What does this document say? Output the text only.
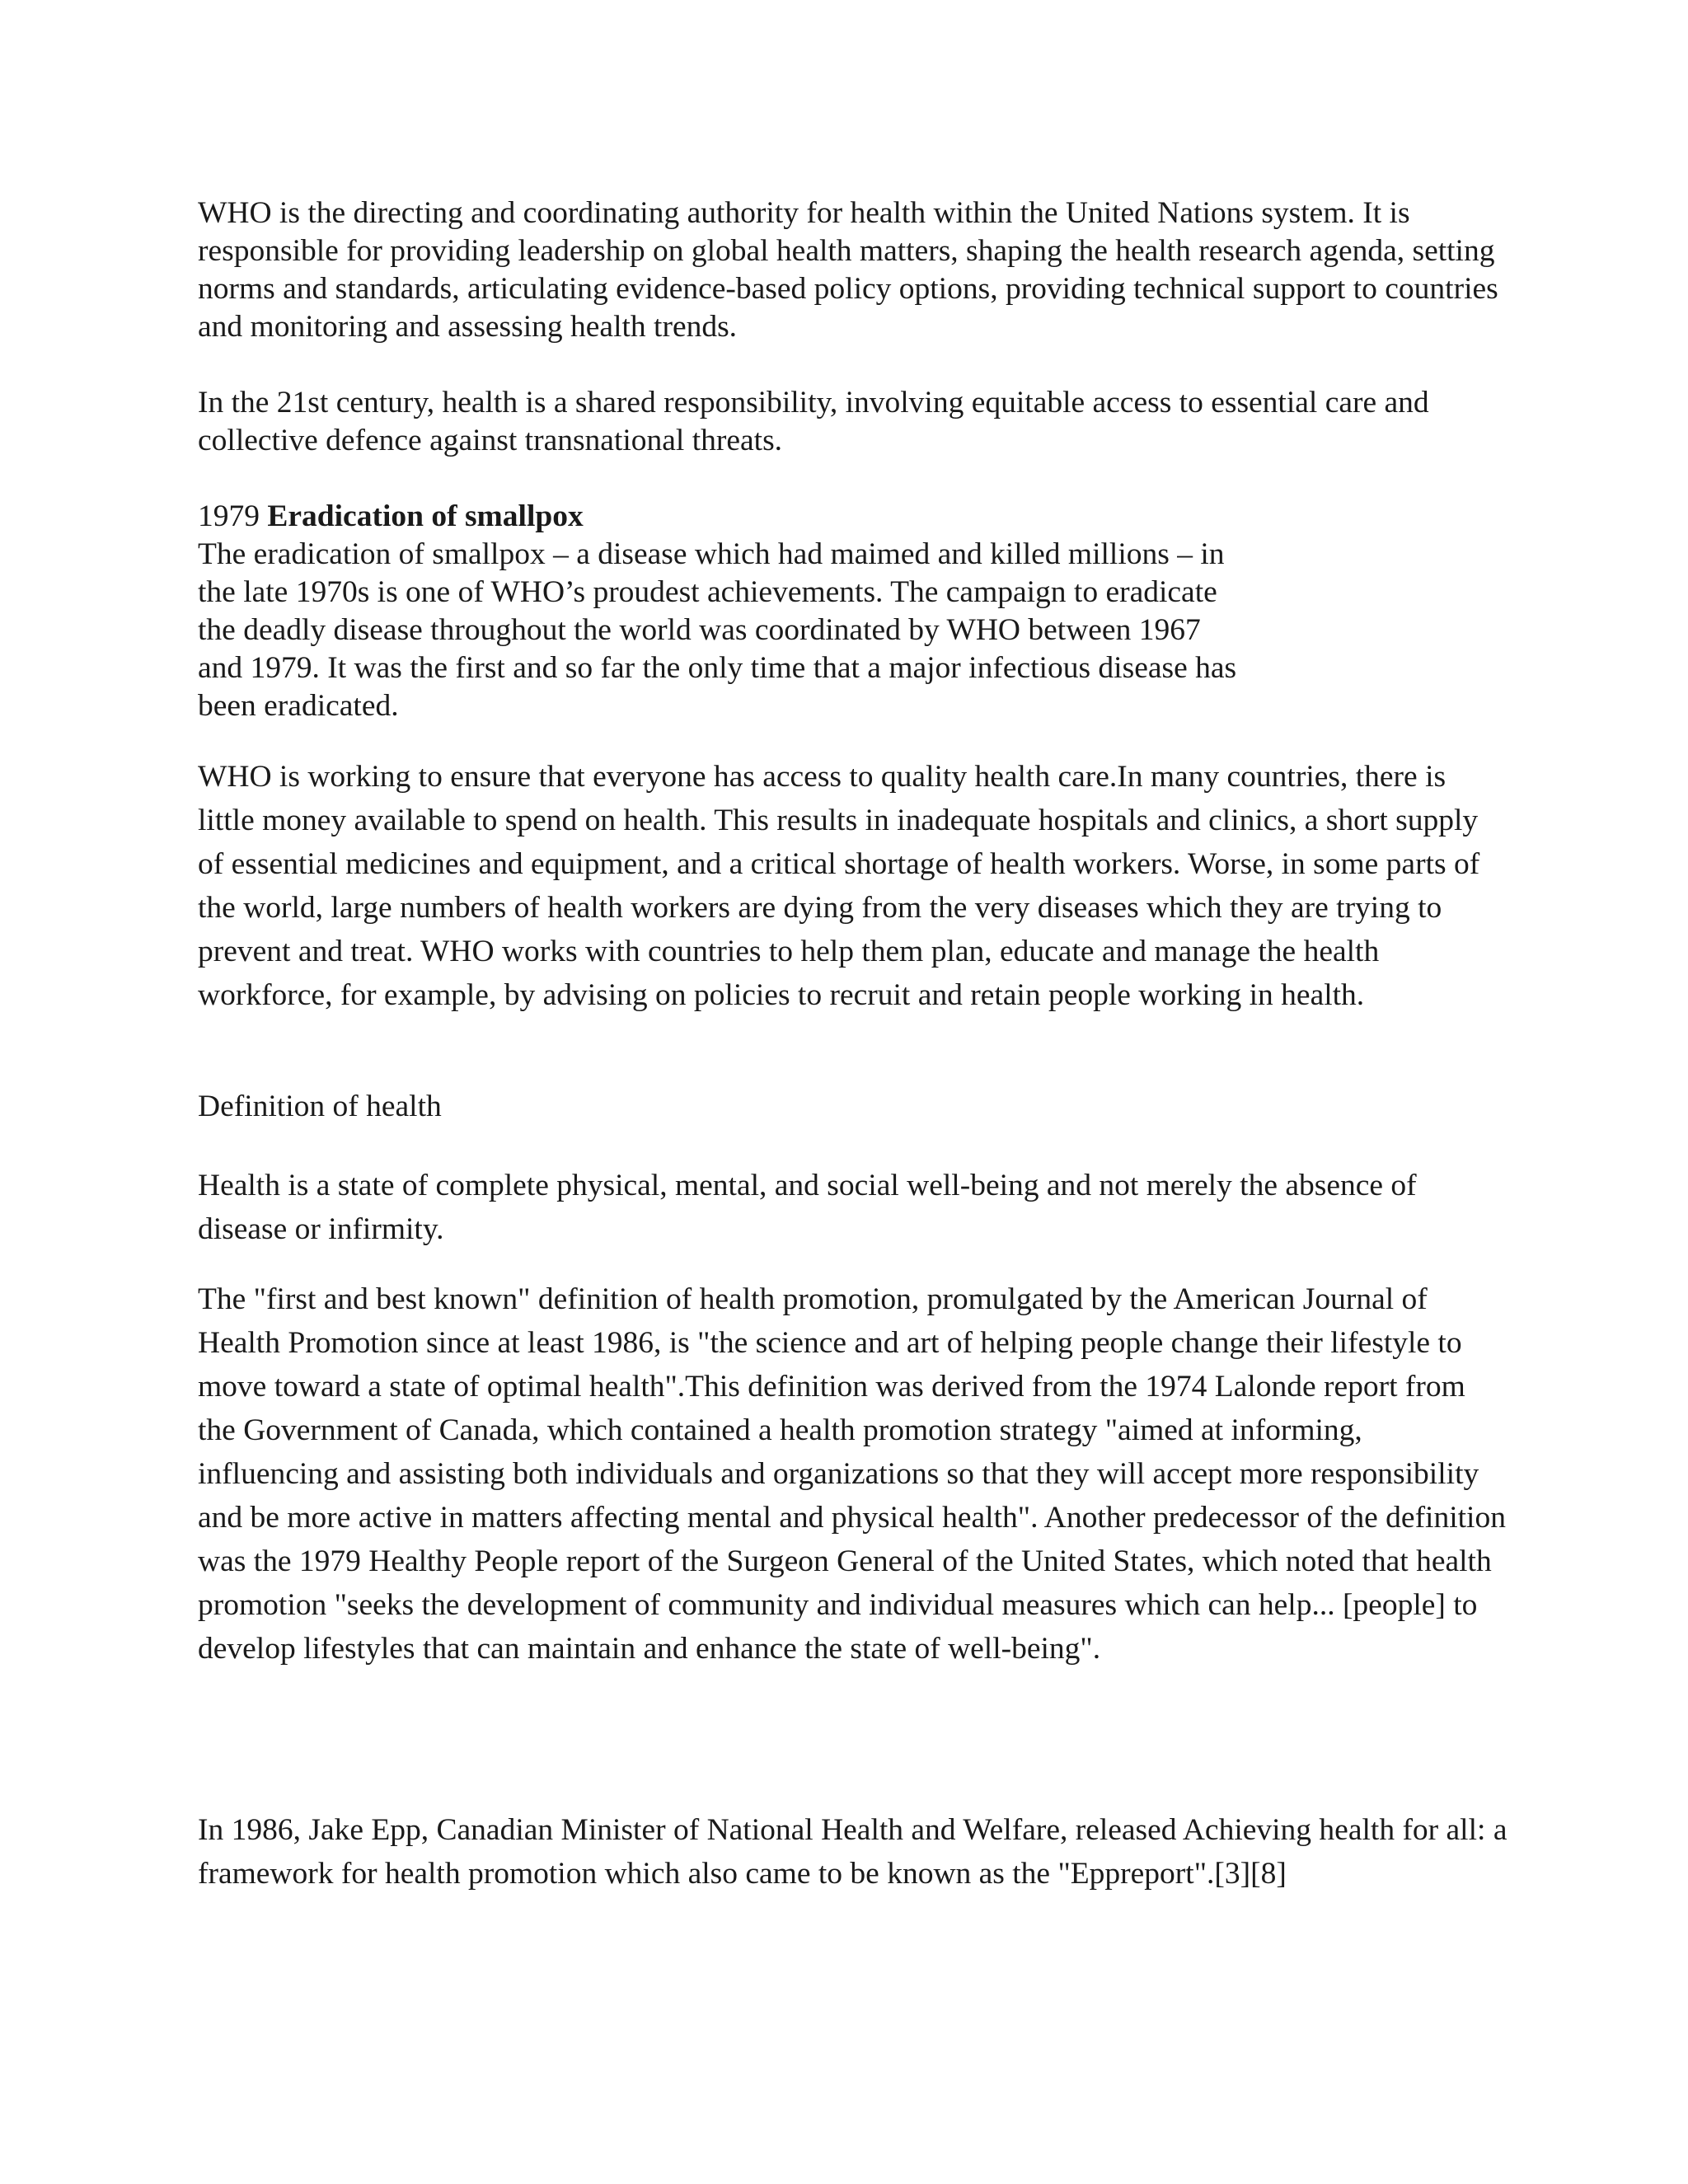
WHO is the directing and coordinating authority for health within the United Nations system. It is responsible for providing leadership on global health matters, shaping the health research agenda, setting norms and standards, articulating evidence-based policy options, providing technical support to countries and monitoring and assessing health trends.

In the 21st century, health is a shared responsibility, involving equitable access to essential care and collective defence against transnational threats.

1979 Eradication of smallpox
The eradication of smallpox – a disease which had maimed and killed millions – in
the late 1970s is one of WHO’s proudest achievements. The campaign to eradicate
the deadly disease throughout the world was coordinated by WHO between 1967
and 1979. It was the first and so far the only time that a major infectious disease has
been eradicated.

WHO is working to ensure that everyone has access to quality health care.In many countries, there is little money available to spend on health. This results in inadequate hospitals and clinics, a short supply of essential medicines and equipment, and a critical shortage of health workers. Worse, in some parts of the world, large numbers of health workers are dying from the very diseases which they are trying to prevent and treat. WHO works with countries to help them plan, educate and manage the health workforce, for example, by advising on policies to recruit and retain people working in health.

Definition of health

Health is a state of complete physical, mental, and social well-being and not merely the absence of disease or infirmity.

The "first and best known" definition of health promotion, promulgated by the American Journal of Health Promotion since at least 1986, is "the science and art of helping people change their lifestyle to move toward a state of optimal health".This definition was derived from the 1974 Lalonde report from the Government of Canada, which contained a health promotion strategy "aimed at informing, influencing and assisting both individuals and organizations so that they will accept more responsibility and be more active in matters affecting mental and physical health". Another predecessor of the definition was the 1979 Healthy People report of the Surgeon General of the United States, which noted that health promotion "seeks the development of community and individual measures which can help... [people] to develop lifestyles that can maintain and enhance the state of well-being".

In 1986, Jake Epp, Canadian Minister of National Health and Welfare, released Achieving health for all: a framework for health promotion which also came to be known as the "Eppreport".[3][8]
